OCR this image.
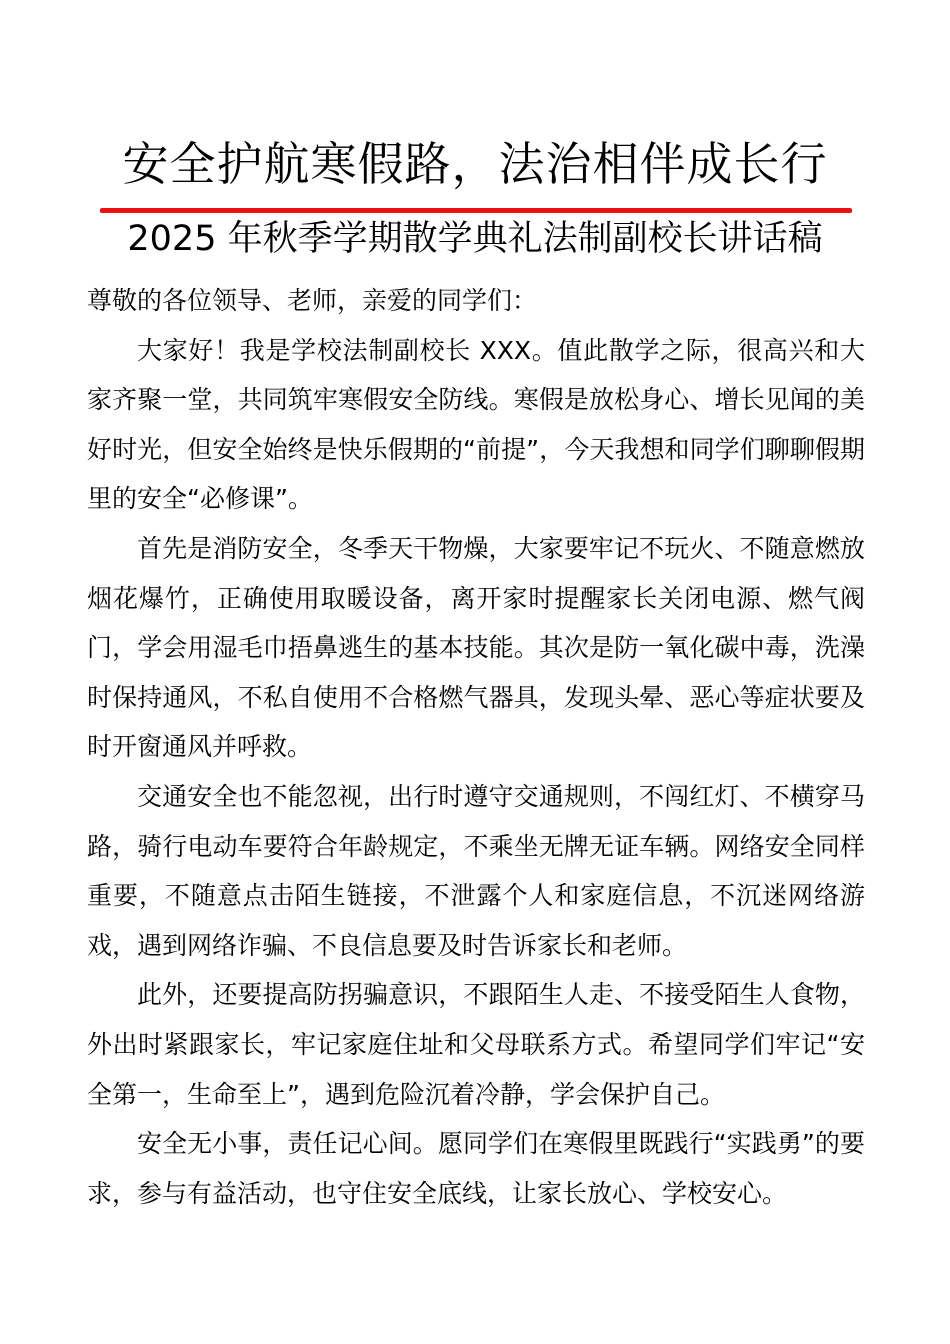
安全护航寒假路，法治相伴成长行
2025 年秋季学期散学典礼法制副校长讲话稿

尊敬的各位领导、老师，亲爱的同学们：

大家好！我是学校法制副校长 XXX。值此散学之际，很高兴和大家齐聚一堂，共同筑牢寒假安全防线。寒假是放松身心、增长见闻的美好时光，但安全始终是快乐假期的“前提”，今天我想和同学们聊聊假期里的安全“必修课”。

首先是消防安全，冬季天干物燥，大家要牢记不玩火、不随意燃放烟花爆竹，正确使用取暖设备，离开家时提醒家长关闭电源、燃气阀门，学会用湿毛巾捂鼻逃生的基本技能。其次是防一氧化碳中毒，洗澡时保持通风，不私自使用不合格燃气器具，发现头晕、恶心等症状要及时开窗通风并呼救。

交通安全也不能忽视，出行时遵守交通规则，不闯红灯、不横穿马路，骑行电动车要符合年龄规定，不乘坐无牌无证车辆。网络安全同样重要，不随意点击陌生链接，不泄露个人和家庭信息，不沉迷网络游戏，遇到网络诈骗、不良信息要及时告诉家长和老师。

此外，还要提高防拐骗意识，不跟陌生人走、不接受陌生人食物，外出时紧跟家长，牢记家庭住址和父母联系方式。希望同学们牢记“安全第一，生命至上”，遇到危险沉着冷静，学会保护自己。

安全无小事，责任记心间。愿同学们在寒假里既践行“实践勇”的要求，参与有益活动，也守住安全底线，让家长放心、学校安心。
